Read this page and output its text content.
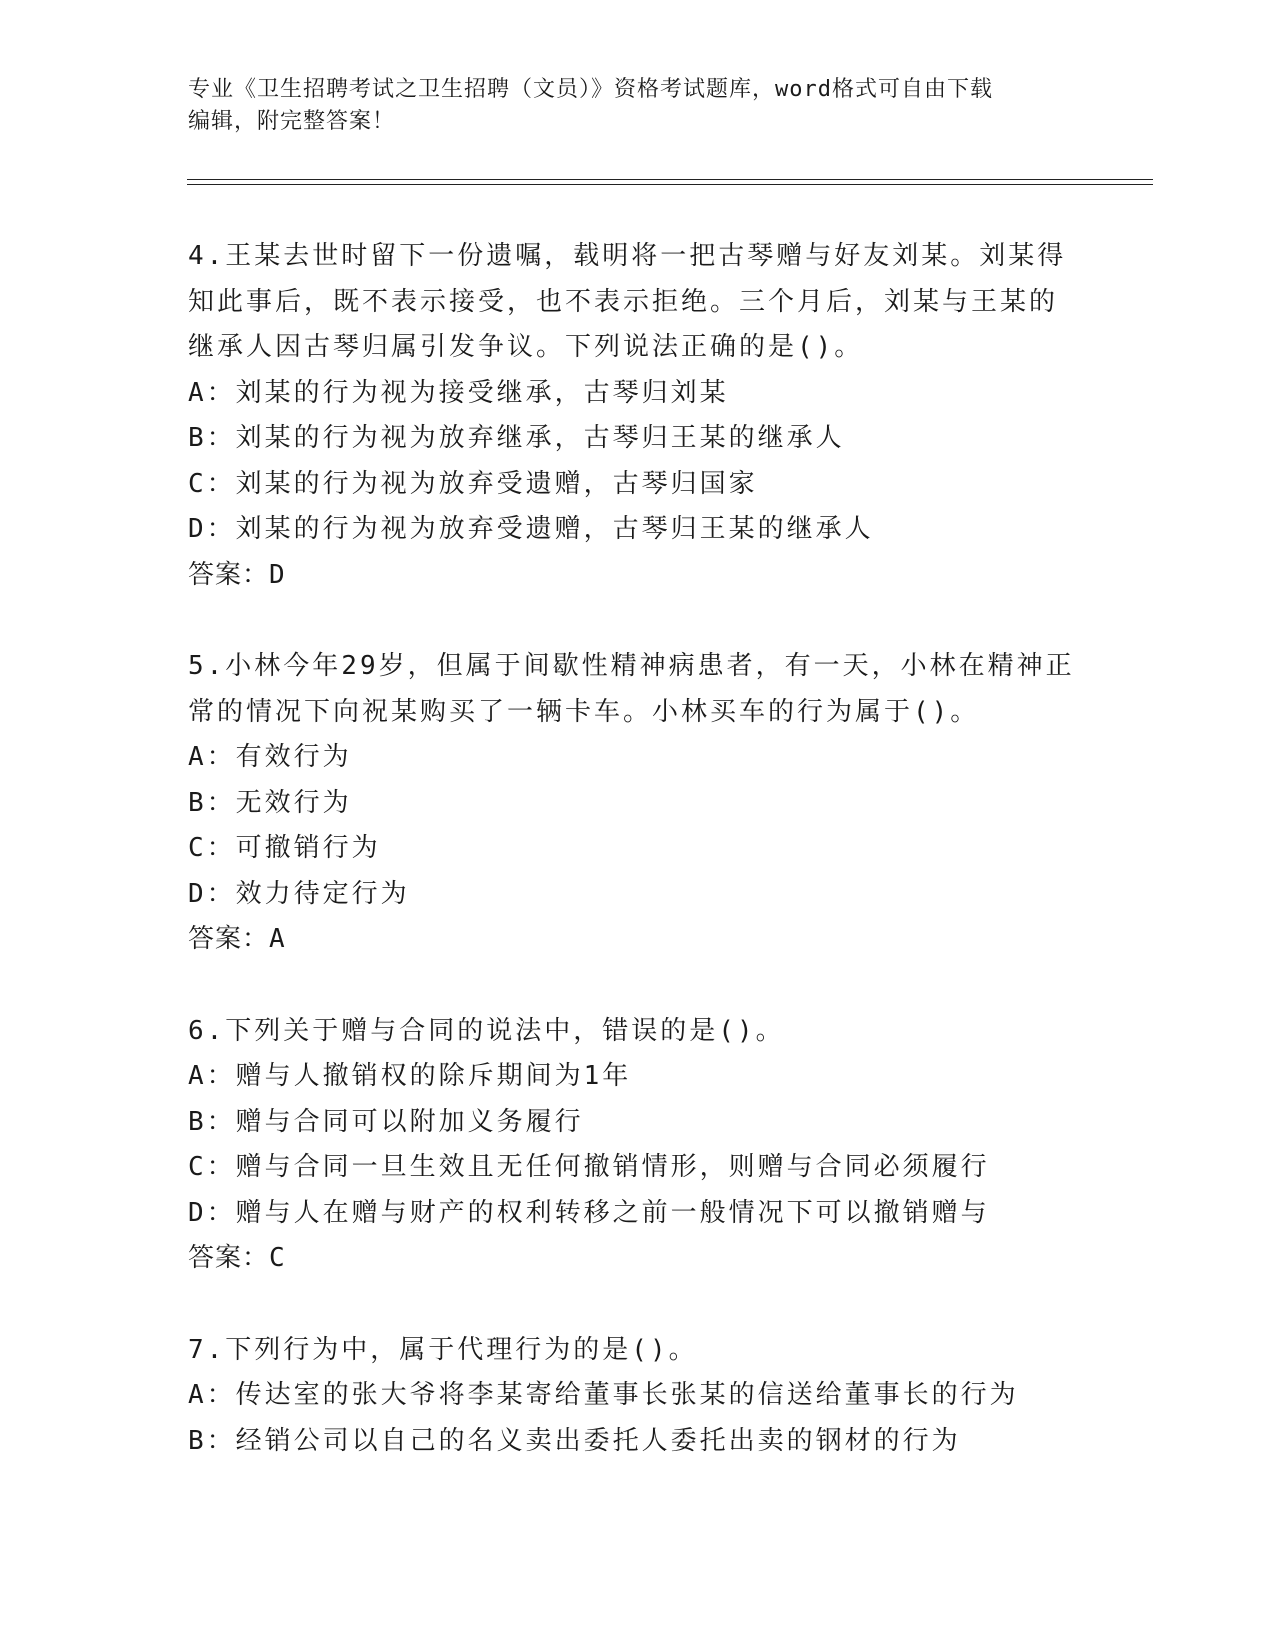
专业《卫生招聘考试之卫生招聘（文员）》资格考试题库，word格式可自由下载
编辑，附完整答案！
4.王某去世时留下一份遗嘱，载明将一把古琴赠与好友刘某。刘某得
知此事后，既不表示接受，也不表示拒绝。三个月后，刘某与王某的
继承人因古琴归属引发争议。下列说法正确的是()。
A：刘某的行为视为接受继承，古琴归刘某
B：刘某的行为视为放弃继承，古琴归王某的继承人
C：刘某的行为视为放弃受遗赠，古琴归国家
D：刘某的行为视为放弃受遗赠，古琴归王某的继承人
答案：D
5.小林今年29岁，但属于间歇性精神病患者，有一天，小林在精神正
常的情况下向祝某购买了一辆卡车。小林买车的行为属于()。
A：有效行为
B：无效行为
C：可撤销行为
D：效力待定行为
答案：A
6.下列关于赠与合同的说法中，错误的是()。
A：赠与人撤销权的除斥期间为1年
B：赠与合同可以附加义务履行
C：赠与合同一旦生效且无任何撤销情形，则赠与合同必须履行
D：赠与人在赠与财产的权利转移之前一般情况下可以撤销赠与
答案：C
7.下列行为中，属于代理行为的是()。
A：传达室的张大爷将李某寄给董事长张某的信送给董事长的行为
B：经销公司以自己的名义卖出委托人委托出卖的钢材的行为
